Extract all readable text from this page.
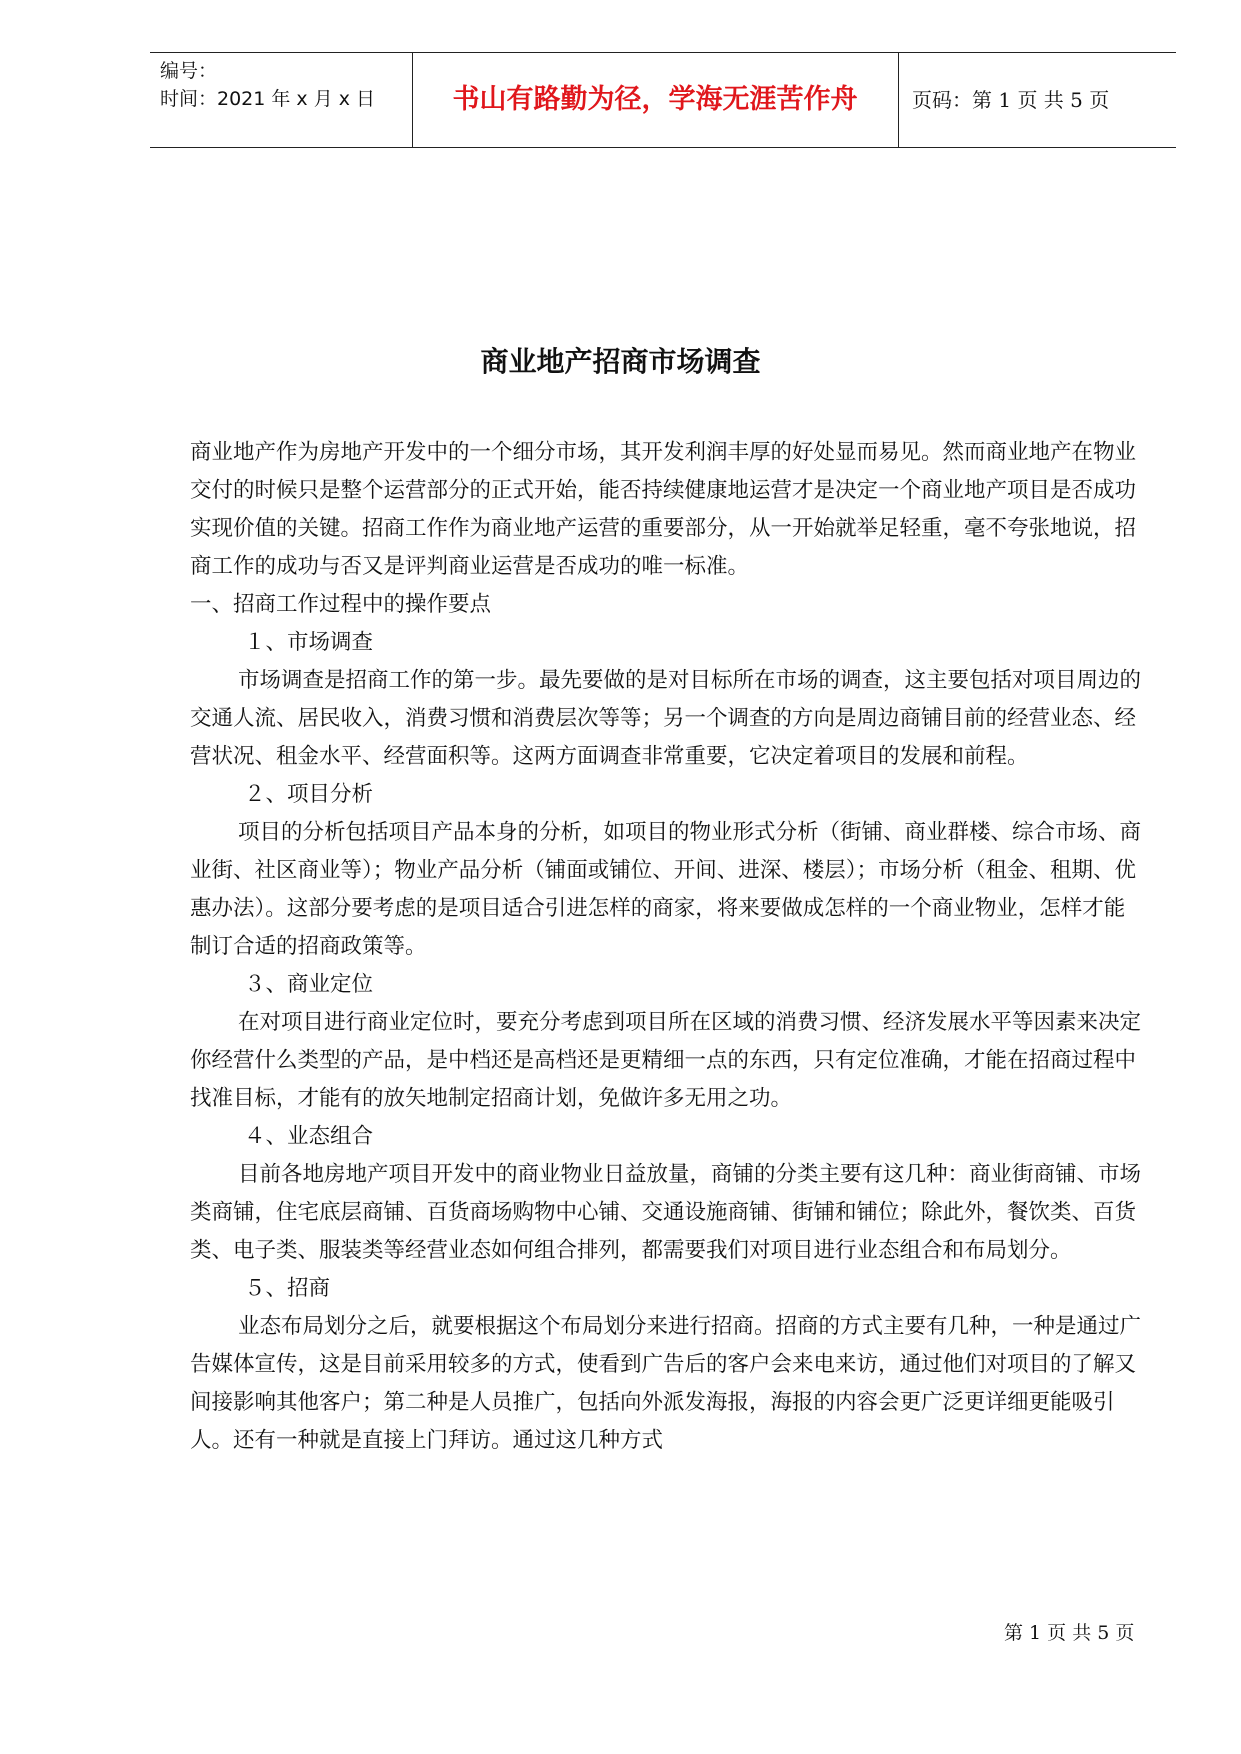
编号：
时间：2021 年 x 月 x 日	书山有路勤为径，学海无涯苦作舟	页码：第 1 页 共 5 页
商业地产招商市场调查

商业地产作为房地产开发中的一个细分市场，其开发利润丰厚的好处显而易见。然而商业地产在物业交付的时候只是整个运营部分的正式开始，能否持续健康地运营才是决定一个商业地产项目是否成功实现价值的关键。招商工作作为商业地产运营的重要部分，从一开始就举足轻重，毫不夸张地说，招商工作的成功与否又是评判商业运营是否成功的唯一标准。

一、招商工作过程中的操作要点

１、市场调查

市场调查是招商工作的第一步。最先要做的是对目标所在市场的调查，这主要包括对项目周边的交通人流、居民收入，消费习惯和消费层次等等；另一个调查的方向是周边商铺目前的经营业态、经营状况、租金水平、经营面积等。这两方面调查非常重要，它决定着项目的发展和前程。

２、项目分析

项目的分析包括项目产品本身的分析，如项目的物业形式分析（街铺、商业群楼、综合市场、商业街、社区商业等）；物业产品分析（铺面或铺位、开间、进深、楼层）；市场分析（租金、租期、优惠办法）。这部分要考虑的是项目适合引进怎样的商家，将来要做成怎样的一个商业物业，怎样才能制订合适的招商政策等。

３、商业定位

在对项目进行商业定位时，要充分考虑到项目所在区域的消费习惯、经济发展水平等因素来决定你经营什么类型的产品，是中档还是高档还是更精细一点的东西，只有定位准确，才能在招商过程中找准目标，才能有的放矢地制定招商计划，免做许多无用之功。

４、业态组合

目前各地房地产项目开发中的商业物业日益放量，商铺的分类主要有这几种：商业街商铺、市场类商铺，住宅底层商铺、百货商场购物中心铺、交通设施商铺、街铺和铺位；除此外，餐饮类、百货类、电子类、服装类等经营业态如何组合排列，都需要我们对项目进行业态组合和布局划分。

５、招商

业态布局划分之后，就要根据这个布局划分来进行招商。招商的方式主要有几种，一种是通过广告媒体宣传，这是目前采用较多的方式，使看到广告后的客户会来电来访，通过他们对项目的了解又间接影响其他客户；第二种是人员推广，包括向外派发海报，海报的内容会更广泛更详细更能吸引人。还有一种就是直接上门拜访。通过这几种方式

第 1 页 共 5 页
